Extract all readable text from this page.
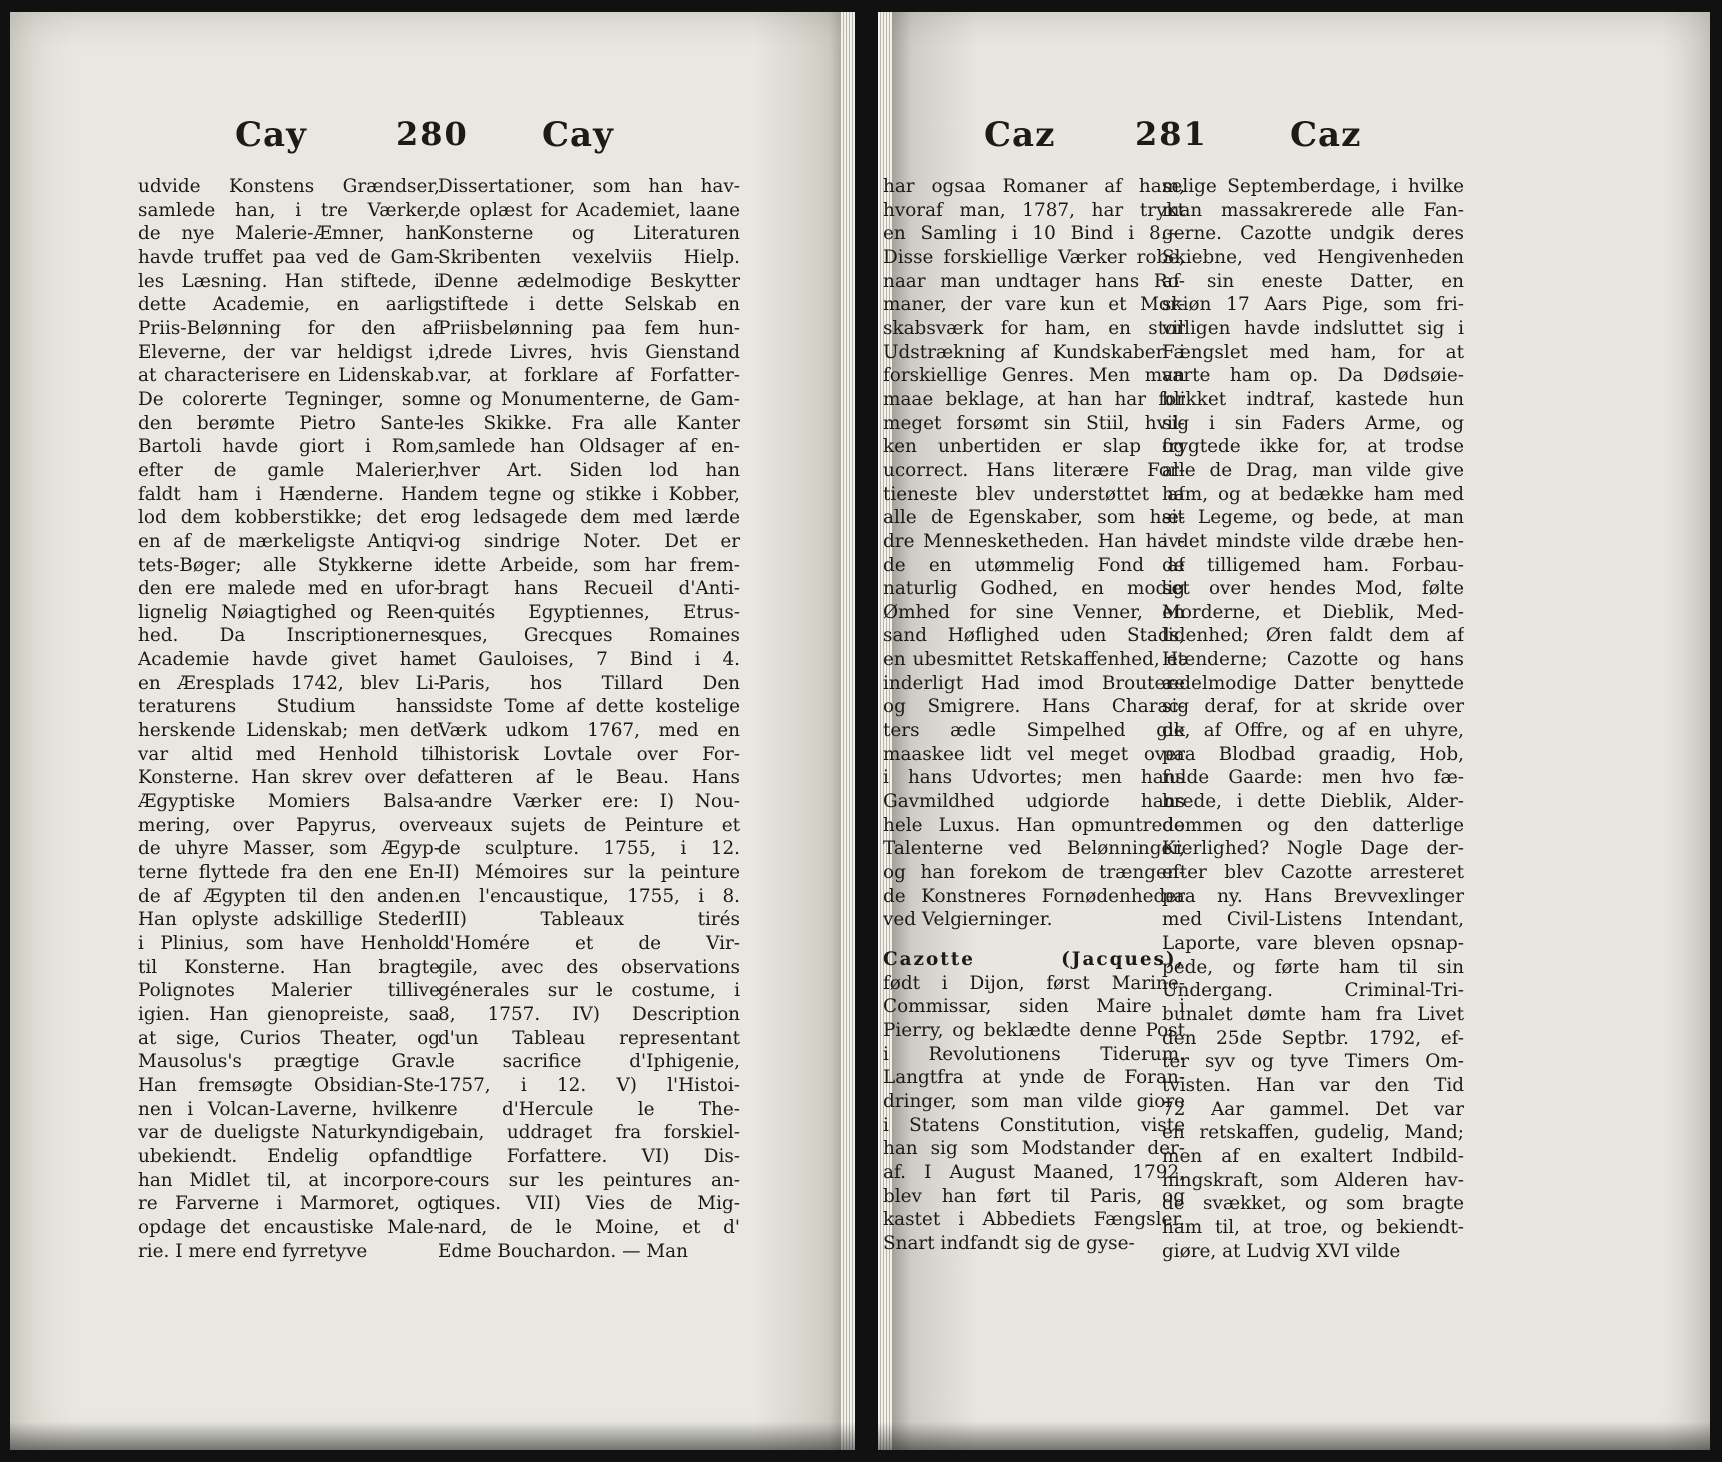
Cay	280 Cay
udvide Konstens Grændser,
samlede han, i tre Værker,
de nye Malerie-Æmner, han
havde truffet paa ved de Gam-
les Læsning. Han stiftede, i
dette Academie, en aarlig
Priis-Belønning for den af
Eleverne, der var heldigst i,
at characterisere en Lidenskab.
De colorerte Tegninger, som
den berømte Pietro Sante-
Bartoli havde giort i Rom,
efter de gamle Malerier,
faldt ham i Hænderne. Han
lod dem kobberstikke; det er
en af de mærkeligste Antiqvi-
tets-Bøger; alle Stykkerne i
den ere malede med en ufor-
lignelig Nøiagtighed og Reen-
hed. Da Inscriptionernes
Academie havde givet ham
en Æresplads 1742, blev Li-
teraturens Studium hans
herskende Lidenskab; men det
var altid med Henhold til
Konsterne. Han skrev over de
Ægyptiske Momiers Balsa-
mering, over Papyrus, over
de uhyre Masser, som Ægyp-
terne flyttede fra den ene En-
de af Ægypten til den anden.
Han oplyste adskillige Steder
i Plinius, som have Henhold
til Konsterne. Han bragte
Polignotes Malerier tillive
igien. Han gienopreiste, saa
at sige, Curios Theater, og
Mausolus's prægtige Grav.
Han fremsøgte Obsidian-Ste-
nen i Volcan-Laverne, hvilken
var de dueligste Naturkyndige
ubekiendt. Endelig opfandt
han Midlet til, at incorpore-
re Farverne i Marmoret, og
opdage det encaustiske Male-
rie. I mere end fyrretyve
Dissertationer, som han hav-
de oplæst for Academiet, laane
Konsterne og Literaturen
Skribenten vexelviis Hielp.
Denne ædelmodige Beskytter
stiftede i dette Selskab en
Priisbelønning paa fem hun-
drede Livres, hvis Gienstand
var, at forklare af Forfatter-
ne og Monumenterne, de Gam-
les Skikke. Fra alle Kanter
samlede han Oldsager af en-
hver Art. Siden lod han
dem tegne og stikke i Kobber,
og ledsagede dem med lærde
og sindrige Noter. Det er
dette Arbeide, som har frem-
bragt hans Recueil d'Anti-
quités Egyptiennes, Etrus-
ques, Grecques Romaines
et Gauloises, 7 Bind i 4.
Paris, hos Tillard Den
sidste Tome af dette kostelige
Værk udkom 1767, med en
historisk Lovtale over For-
fatteren af le Beau. Hans
andre Værker ere: I) Nou-
veaux sujets de Peinture et
de sculpture. 1755, i 12.
II) Mémoires sur la peinture
en l'encaustique, 1755, i 8.
III) Tableaux tirés
d'Homére et de Vir-
gile, avec des observations
génerales sur le costume, i
8, 1757. IV) Description
d'un Tableau representant
le sacrifice d'Iphigenie,
1757, i 12. V) l'Histoi-
re d'Hercule le The-
bain, uddraget fra forskiel-
lige Forfattere. VI) Dis-
cours sur les peintures an-
tiques. VII) Vies de Mig-
nard, de le Moine, et d'
Edme Bouchardon. — Man
Caz 281 Caz
har ogsaa Romaner af ham,
hvoraf man, 1787, har trykt
en Samling i 10 Bind i 8.—
Disse forskiellige Værker robe,
naar man undtager hans Ro-
maner, der vare kun et Mor-
skabsværk for ham, en stor
Udstrækning af Kundskaber i
forskiellige Genres. Men man
maae beklage, at han har for
meget forsømt sin Stiil, hvil-
ken unbertiden er slap og
ucorrect. Hans literære For-
tieneste blev understøttet af
alle de Egenskaber, som hæ-
dre Mennesketheden. Han hav-
de en utømmelig Fond af
naturlig Godhed, en modig
Ømhed for sine Venner, en
sand Høflighed uden Stads,
en ubesmittet Retskaffenhed, et
inderligt Had imod Broutere
og Smigrere. Hans Charac-
ters ædle Simpelhed gik
maaskee lidt vel meget over
i hans Udvortes; men hans
Gavmildhed udgiorde hans
hele Luxus. Han opmuntrede
Talenterne ved Belønninger,
og han forekom de trængen-
de Konstneres Fornødenheder
ved Velgierninger.

Cazotte (Jacques),
født i Dijon, først Marine-
Commissar, siden Maire i
Pierry, og beklædte denne Post
i Revolutionens Tiderum.
Langtfra at ynde de Foran-
dringer, som man vilde giore
i Statens Constitution, viste
han sig som Modstander der-
af. I August Maaned, 1792,
blev han ført til Paris, og
kastet i Abbediets Fængsler.
Snart indfandt sig de gyse-
selige Septemberdage, i hvilke
man massakrerede alle Fan-
gerne. Cazotte undgik deres
Skiebne, ved Hengivenheden
af sin eneste Datter, en
skiøn 17 Aars Pige, som fri-
villigen havde indsluttet sig i
Fængslet med ham, for at
varte ham op. Da Dødsøie-
blikket indtraf, kastede hun
sig i sin Faders Arme, og
frygtede ikke for, at trodse
alle de Drag, man vilde give
ham, og at bedække ham med
sit Legeme, og bede, at man
i det mindste vilde dræbe hen-
de tilligemed ham. Forbau-
set over hendes Mod, følte
Morderne, et Dieblik, Med-
lidenhed; Øren faldt dem af
Hænderne; Cazotte og hans
ædelmodige Datter benyttede
sig deraf, for at skride over
de, af Offre, og af en uhyre,
paa Blodbad graadig, Hob,
fulde Gaarde: men hvo fæ-
brede, i dette Dieblik, Alder-
dommen og den datterlige
Kierlighed? Nogle Dage der-
efter blev Cazotte arresteret
paa ny. Hans Brevvexlinger
med Civil-Listens Intendant,
Laporte, vare bleven opsnap-
pede, og førte ham til sin
Undergang. Criminal-Tri-
bunalet dømte ham fra Livet
den 25de Septbr. 1792, ef-
ter syv og tyve Timers Om-
tvisten. Han var den Tid
72 Aar gammel. Det var
en retskaffen, gudelig, Mand;
men af en exaltert Indbild-
ningskraft, som Alderen hav-
de svækket, og som bragte
ham til, at troe, og bekiendt-
giøre, at Ludvig XVI vilde
